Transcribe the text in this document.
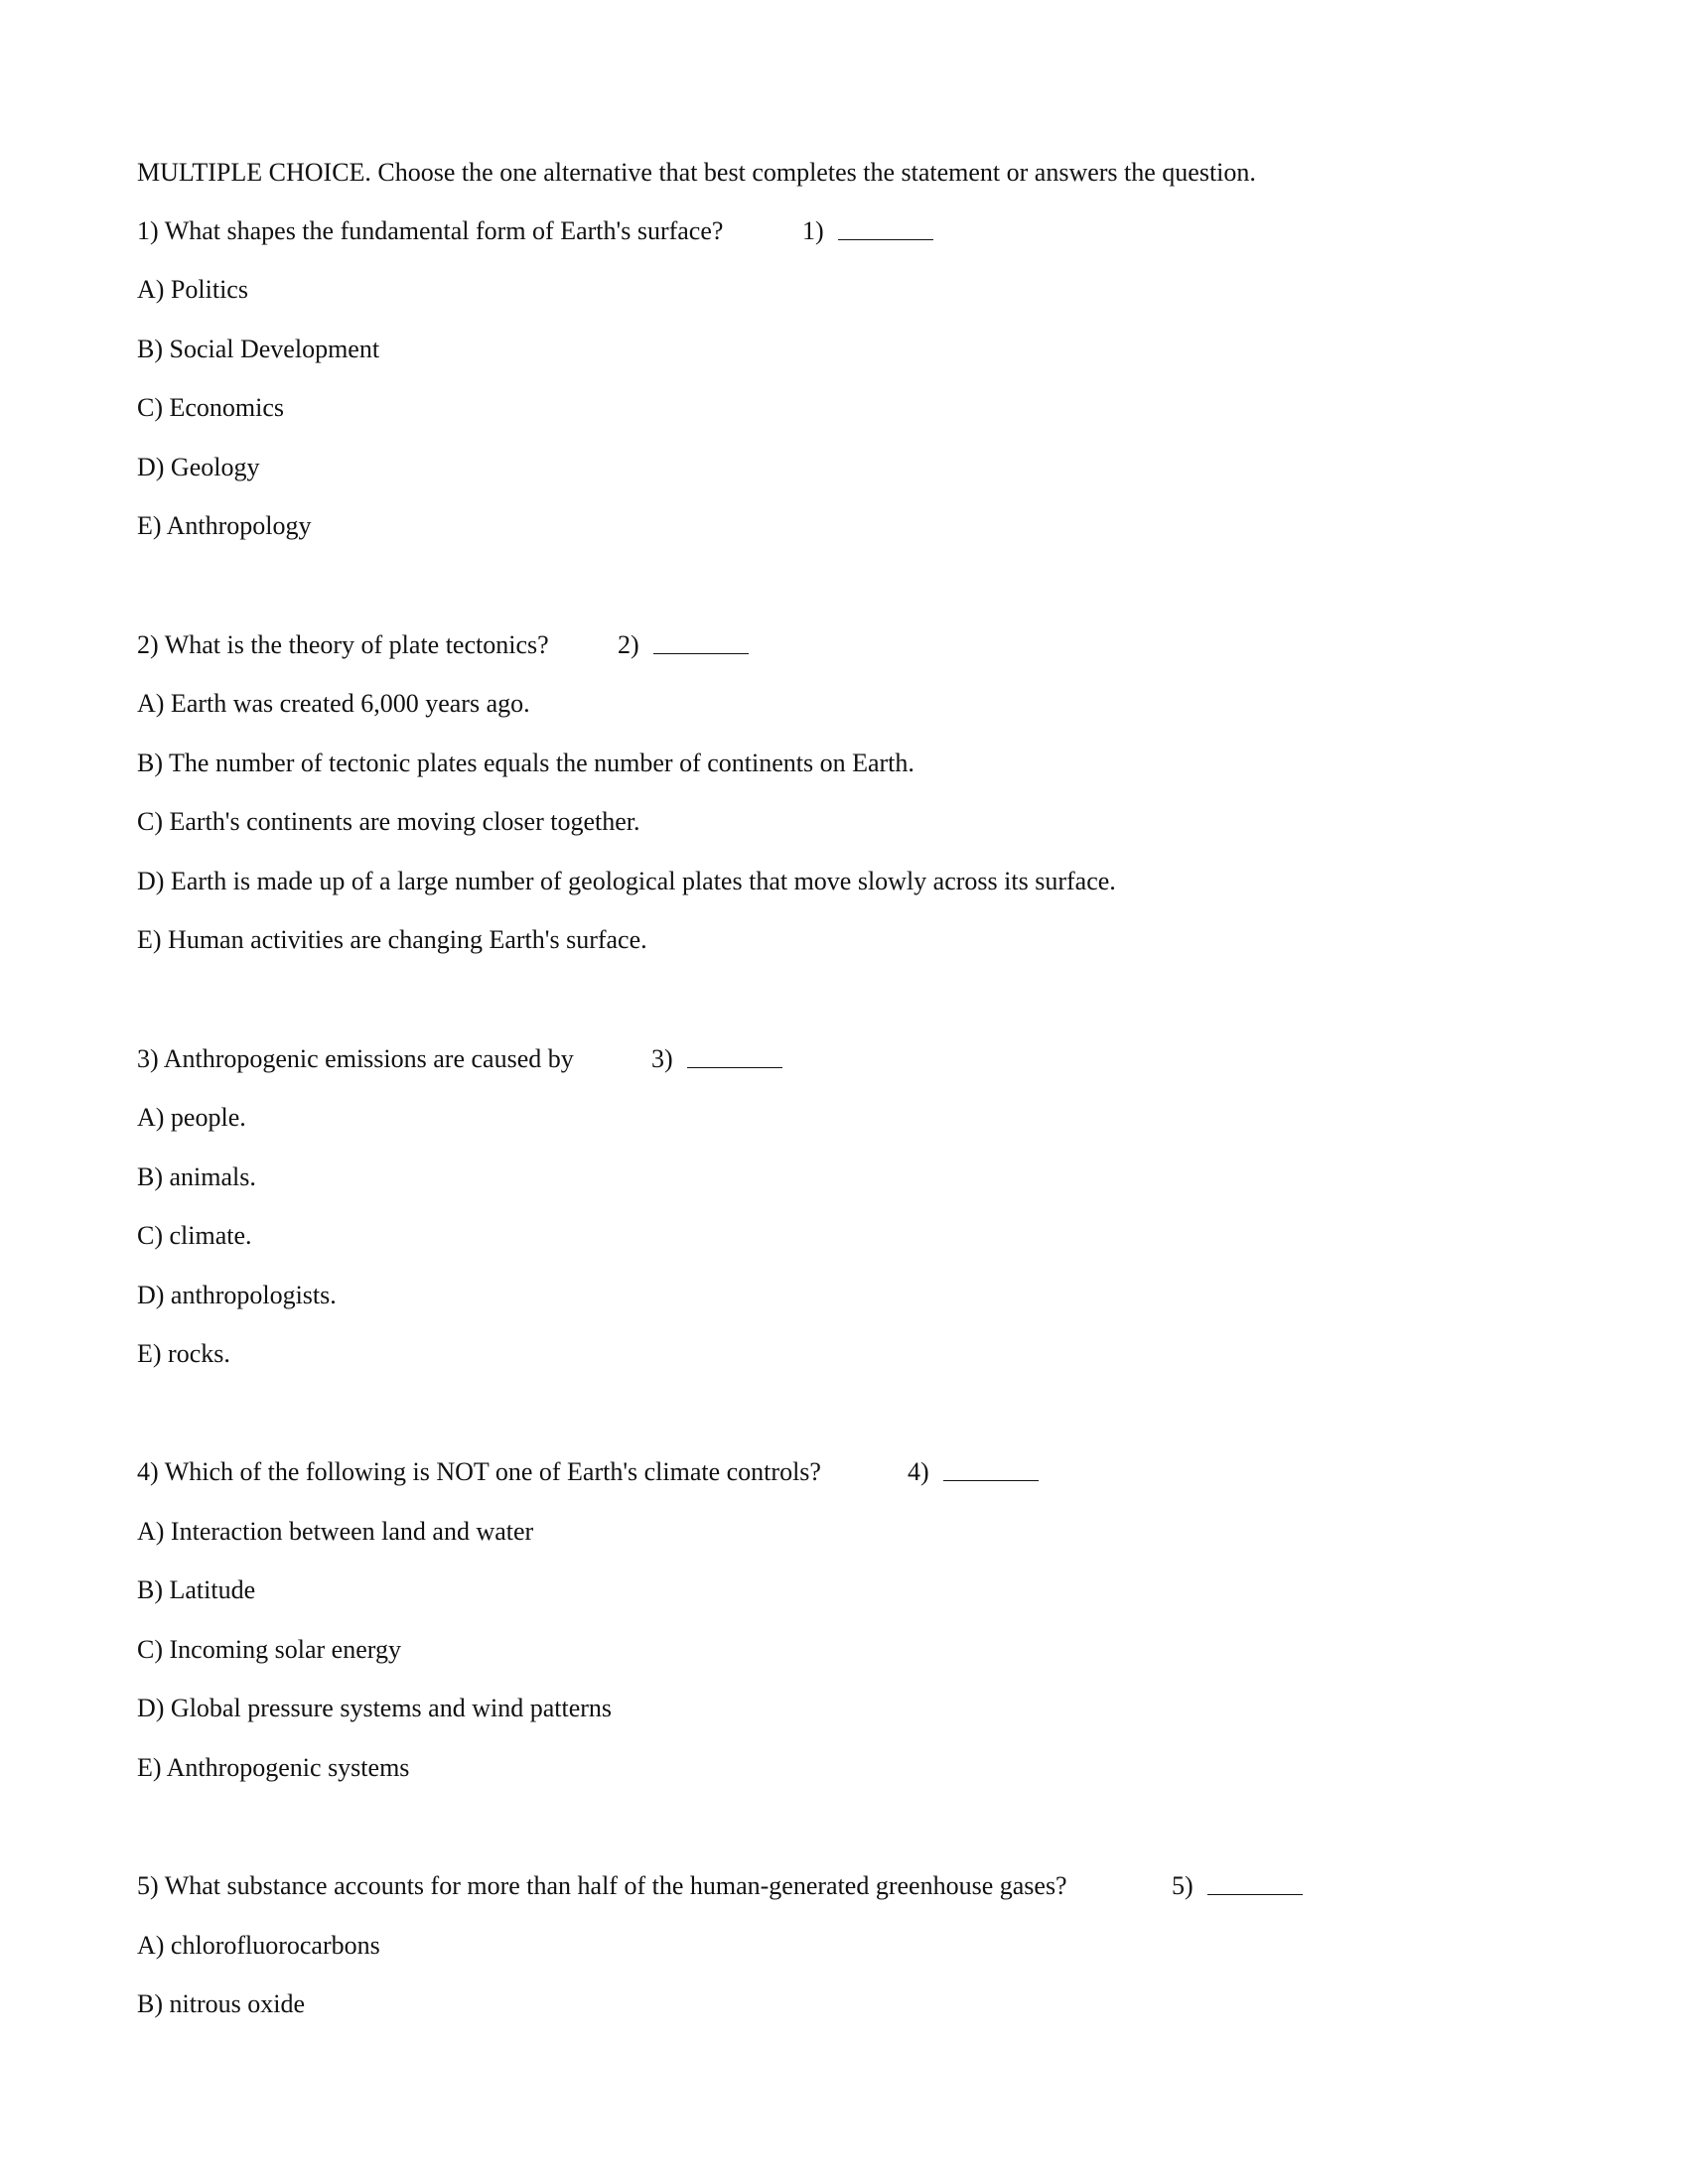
MULTIPLE CHOICE. Choose the one alternative that best completes the statement or answers the question.
1) What shapes the fundamental form of Earth's surface?	1)
A) Politics
B) Social Development
C) Economics
D) Geology
E) Anthropology
2) What is the theory of plate tectonics?	2)
A) Earth was created 6,000 years ago.
B) The number of tectonic plates equals the number of continents on Earth.
C) Earth's continents are moving closer together.
D) Earth is made up of a large number of geological plates that move slowly across its surface.
E) Human activities are changing Earth's surface.
3) Anthropogenic emissions are caused by	3)
A) people.
B) animals.
C) climate.
D) anthropologists.
E) rocks.
4) Which of the following is NOT one of Earth's climate controls?	4)
A) Interaction between land and water
B) Latitude
C) Incoming solar energy
D) Global pressure systems and wind patterns
E) Anthropogenic systems
5) What substance accounts for more than half of the human-generated greenhouse gases?	5)
A) chlorofluorocarbons
B) nitrous oxide
